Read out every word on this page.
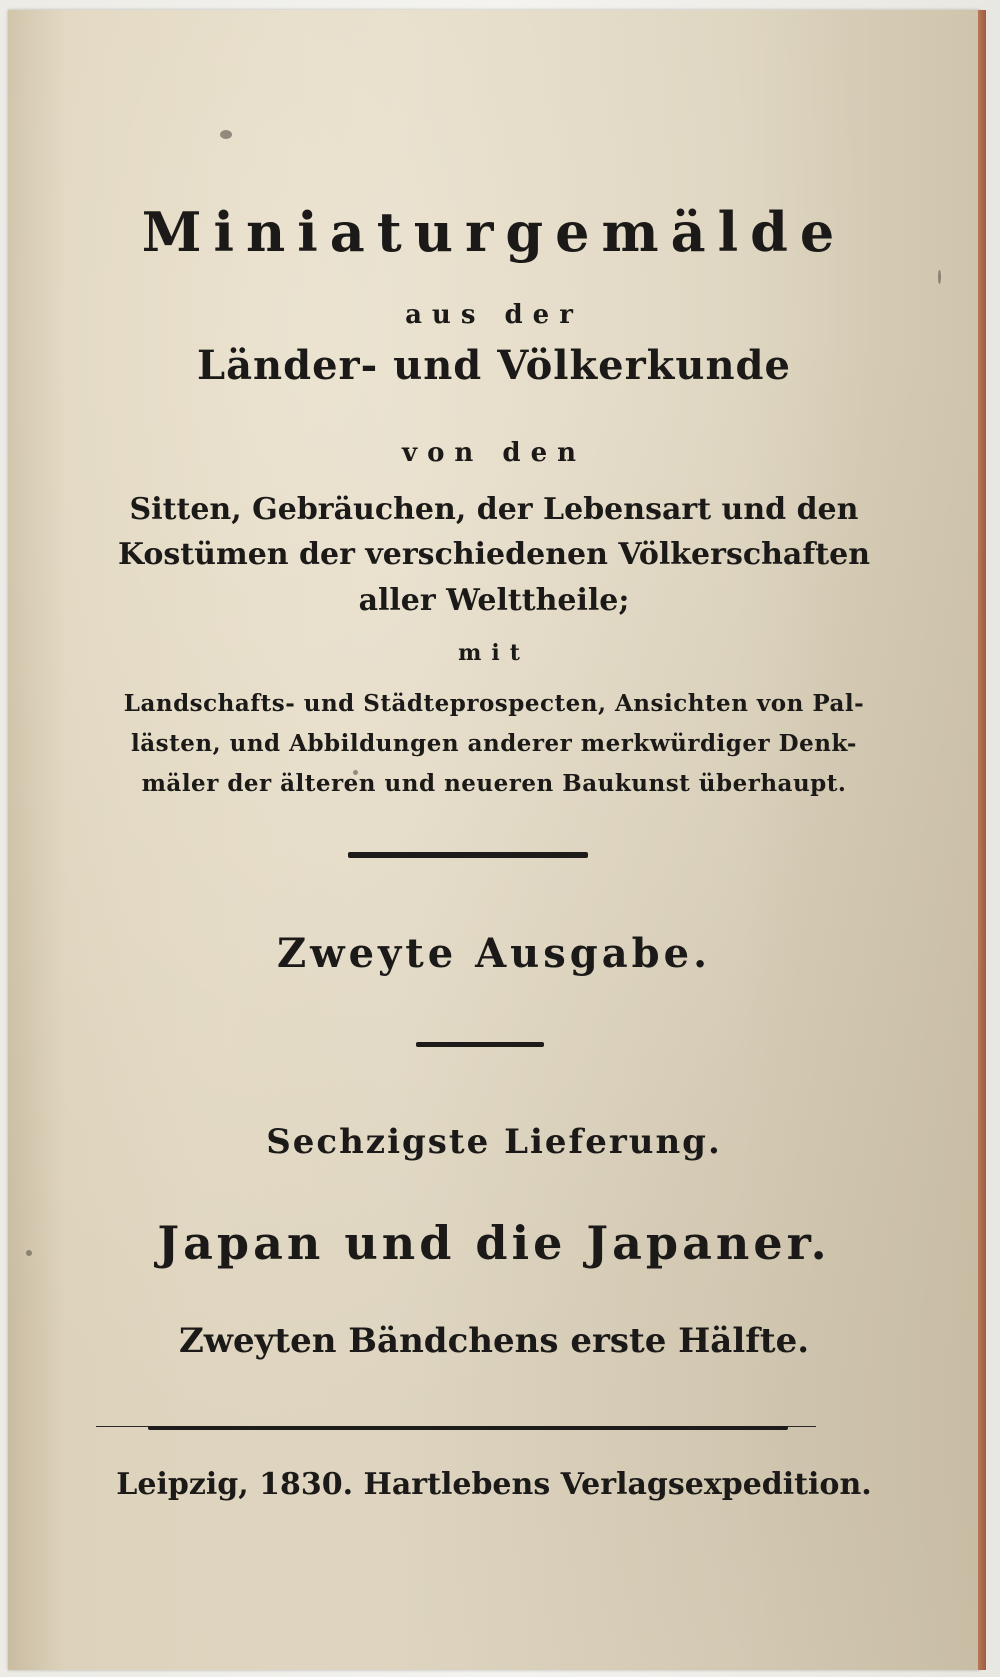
Miniaturgemälde
aus der
Länder- und Völkerkunde
von den
Sitten, Gebräuchen, der Lebensart und den
Kostümen der verschiedenen Völkerschaften
aller Welttheile;
mit
Landschafts- und Städteprospecten, Ansichten von Pal-
lästen, und Abbildungen anderer merkwürdiger Denk-
mäler der älteren und neueren Baukunst überhaupt.
Zweyte Ausgabe.
Sechzigste Lieferung.
Japan und die Japaner.
Zweyten Bändchens erste Hälfte.
Leipzig, 1830. Hartlebens Verlagsexpedition.
